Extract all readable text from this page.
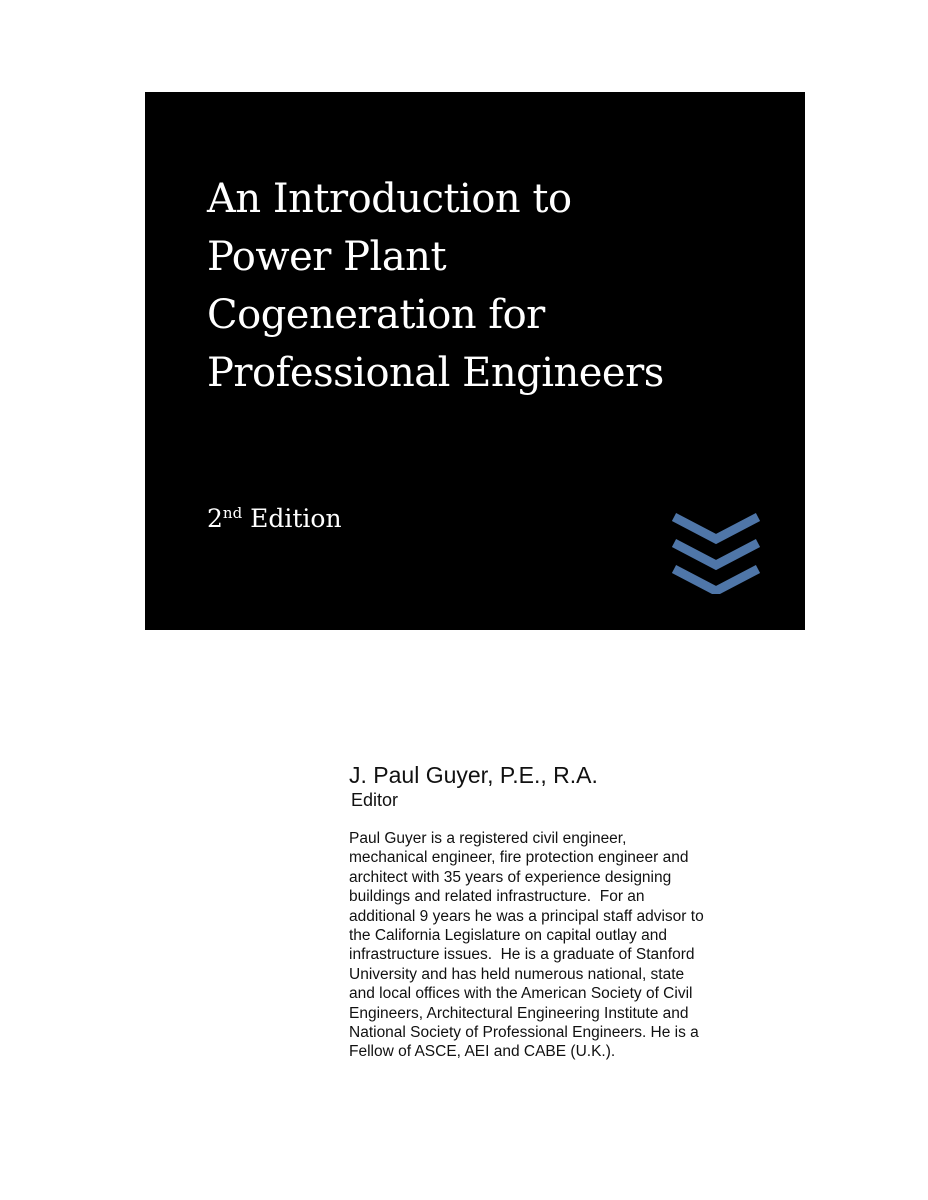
An Introduction to
Power Plant
Cogeneration for
Professional Engineers
2nd Edition
J. Paul Guyer, P.E., R.A.
Editor
Paul Guyer is a registered civil engineer,
mechanical engineer, fire protection engineer and
architect with 35 years of experience designing
buildings and related infrastructure.  For an
additional 9 years he was a principal staff advisor to
the California Legislature on capital outlay and
infrastructure issues.  He is a graduate of Stanford
University and has held numerous national, state
and local offices with the American Society of Civil
Engineers, Architectural Engineering Institute and
National Society of Professional Engineers. He is a
Fellow of ASCE, AEI and CABE (U.K.).
